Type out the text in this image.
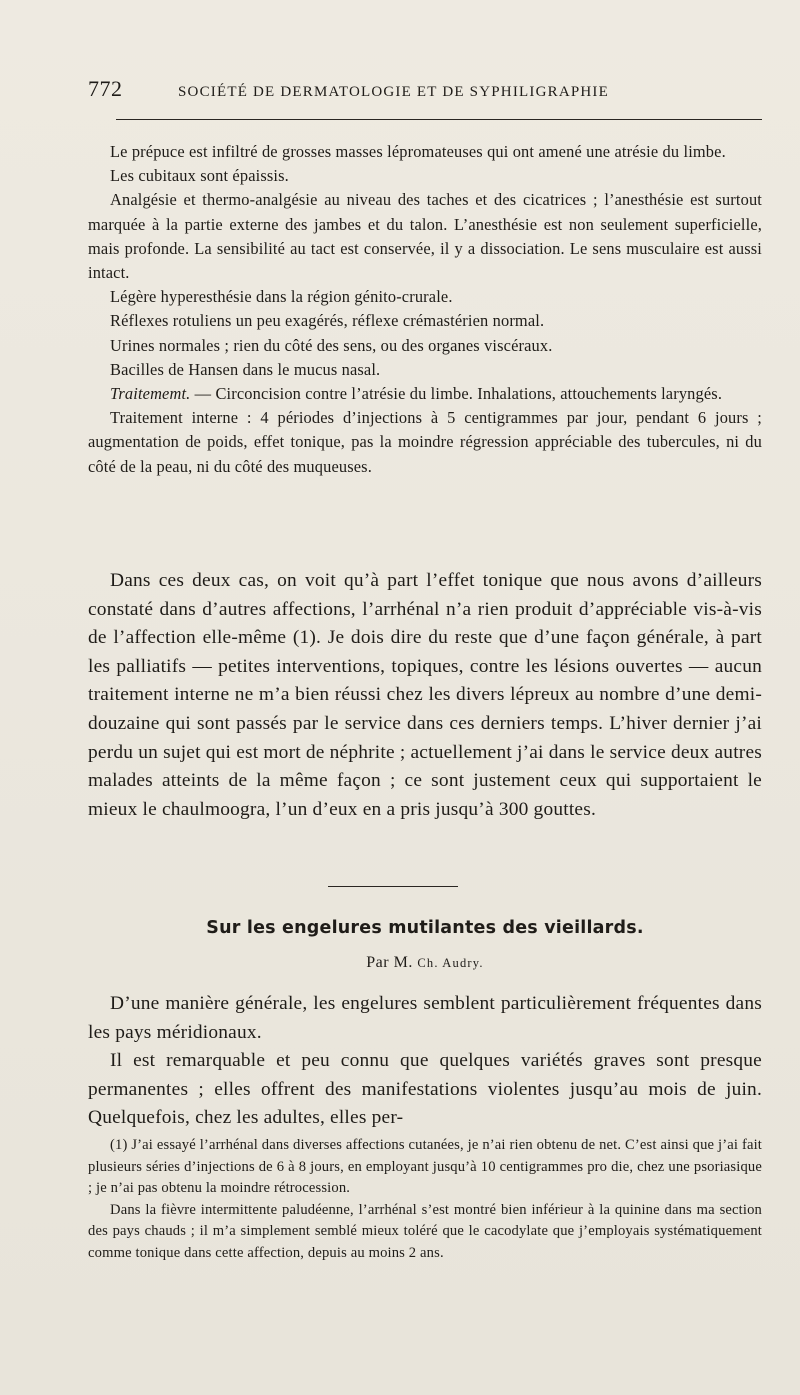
772	SOCIÉTÉ DE DERMATOLOGIE ET DE SYPHILIGRAPHIE

Le prépuce est infiltré de grosses masses lépromateuses qui ont amené une atrésie du limbe.

Les cubitaux sont épaissis.

Analgésie et thermo-analgésie au niveau des taches et des cicatrices ; l’anesthésie est surtout marquée à la partie externe des jambes et du talon. L’anesthésie est non seulement superficielle, mais profonde. La sensibilité au tact est conservée, il y a dissociation. Le sens musculaire est aussi intact.

Légère hyperesthésie dans la région génito-crurale.

Réflexes rotuliens un peu exagérés, réflexe crémastérien normal.

Urines normales ; rien du côté des sens, ou des organes viscéraux.

Bacilles de Hansen dans le mucus nasal.

Traitememt. — Circoncision contre l’atrésie du limbe. Inhalations, attouchements laryngés.

Traitement interne : 4 périodes d’injections à 5 centigrammes par jour, pendant 6 jours ; augmentation de poids, effet tonique, pas la moindre régression appréciable des tubercules, ni du côté de la peau, ni du côté des muqueuses.

Dans ces deux cas, on voit qu’à part l’effet tonique que nous avons d’ailleurs constaté dans d’autres affections, l’arrhénal n’a rien produit d’appréciable vis-à-vis de l’affection elle-même (1). Je dois dire du reste que d’une façon générale, à part les palliatifs — petites interventions, topiques, contre les lésions ouvertes — aucun traitement interne ne m’a bien réussi chez les divers lépreux au nombre d’une demi-douzaine qui sont passés par le service dans ces derniers temps. L’hiver dernier j’ai perdu un sujet qui est mort de néphrite ; actuellement j’ai dans le service deux autres malades atteints de la même façon ; ce sont justement ceux qui supportaient le mieux le chaulmoogra, l’un d’eux en a pris jusqu’à 300 gouttes.

Sur les engelures mutilantes des vieillards.
Par M. Ch. Audry.

D’une manière générale, les engelures semblent particulièrement fréquentes dans les pays méridionaux.

Il est remarquable et peu connu que quelques variétés graves sont presque permanentes ; elles offrent des manifestations violentes jusqu’au mois de juin. Quelquefois, chez les adultes, elles per-

(1) J’ai essayé l’arrhénal dans diverses affections cutanées, je n’ai rien obtenu de net. C’est ainsi que j’ai fait plusieurs séries d’injections de 6 à 8 jours, en employant jusqu’à 10 centigrammes pro die, chez une psoriasique ; je n’ai pas obtenu la moindre rétrocession.

Dans la fièvre intermittente paludéenne, l’arrhénal s’est montré bien inférieur à la quinine dans ma section des pays chauds ; il m’a simplement semblé mieux toléré que le cacodylate que j’employais systématiquement comme tonique dans cette affection, depuis au moins 2 ans.
